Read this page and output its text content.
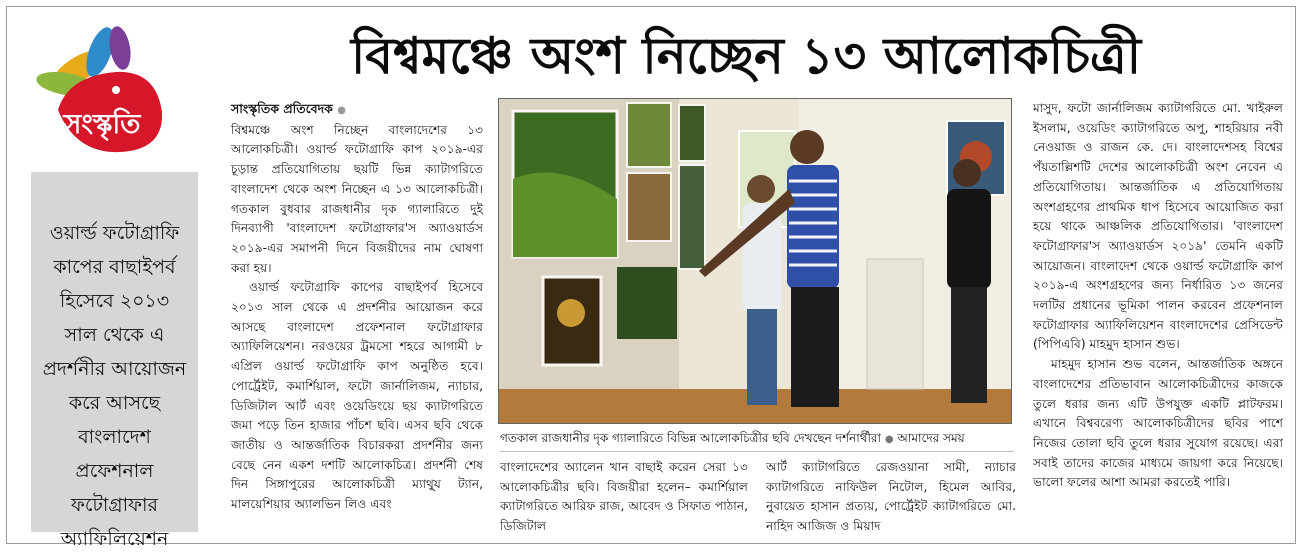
সংস্কৃতি
বিশ্বমঞ্চে অংশ নিচ্ছেন ১৩ আলোকচিত্রী
ওয়ার্ল্ড ফটোগ্রাফি কাপের বাছাইপর্ব হিসেবে ২০১৩ সাল থেকে এ প্রদর্শনীর আয়োজন করে আসছে বাংলাদেশ প্রফেশনাল ফটোগ্রাফার অ্যাফিলিয়েশন
সাংস্কৃতিক প্রতিবেদক ●

বিশ্বমঞ্চে অংশ নিচ্ছেন বাংলাদেশের ১৩ আলোকচিত্রী। ওয়ার্ল্ড ফটোগ্রাফি কাপ ২০১৯-এর চূড়ান্ত প্রতিযোগিতায় ছয়টি ভিন্ন ক্যাটাগরিতে বাংলাদেশ থেকে অংশ নিচ্ছেন এ ১৩ আলোকচিত্রী। গতকাল বুধবার রাজধানীর দৃক গ্যালারিতে দুই দিনব্যাপী 'বাংলাদেশ ফটোগ্রাফার'স অ্যাওয়ার্ডস ২০১৯-এর সমাপনী দিনে বিজয়ীদের নাম ঘোষণা করা হয়।

ওয়ার্ল্ড ফটোগ্রাফি কাপের বাছাইপর্ব হিসেবে ২০১৩ সাল থেকে এ প্রদর্শনীর আয়োজন করে আসছে বাংলাদেশ প্রফেশনাল ফটোগ্রাফার অ্যাফিলিয়েশন। নরওয়ের ট্রমসো শহরে আগামী ৮ এপ্রিল ওয়ার্ল্ড ফটোগ্রাফি কাপ অনুষ্ঠিত হবে। পোর্ট্রেইট, কমার্শিয়াল, ফটো জার্নালিজম, ন্যাচার, ডিজিটাল আর্ট এবং ওয়েডিংয়ে ছয় ক্যাটাগরিতে জমা পড়ে তিন হাজার পাঁচশ ছবি। এসব ছবি থেকে জাতীয় ও আন্তর্জাতিক বিচারকরা প্রদর্শনীর জন্য বেছে নেন একশ দশটি আলোকচিত্র। প্রদর্শনী শেষ দিন সিঙ্গাপুরের আলোকচিত্রী ম্যাথু্য ট্যান, মালয়েশিয়ার অ্যালভিন লিও এবং

গতকাল রাজধানীর দৃক গ্যালারিতে বিভিন্ন আলোকচিত্রীর ছবি দেখছেন দর্শনার্থীরা ● আমাদের সময়

বাংলাদেশের অ্যালেন খান বাছাই করেন সেরা ১৩ আলোকচিত্রীর ছবি। বিজয়ীরা হলেন– কমার্শিয়াল ক্যাটাগরিতে আরিফ রাজ, আবেদ ও সিফাত পাঠান, ডিজিটাল

আর্ট ক্যাটাগরিতে রেজওয়ানা সামী, ন্যাচার ক্যাটাগরিতে নাফিউল নিটোল, হিমেল আবির, নুবায়েত হাসান প্রত্যয়, পোর্ট্রেইট ক্যাটাগরিতে মো. নাহিদ আজিজ ও মিয়াদ

মাসুদ, ফটো জার্নালিজম ক্যাটাগরিতে মো. খাইরুল ইসলাম, ওয়েডিং ক্যাটাগরিতে অপু, শাহরিয়ার নবী নেওয়াজ ও রাজন কে. দে। বাংলাদেশসহ বিশ্বের পঁয়তাল্লিশটি দেশের আলোকচিত্রী অংশ নেবেন এ প্রতিযোগিতায়। আন্তর্জাতিক এ প্রতিযোগিতায় অংশগ্রহণের প্রাথমিক ধাপ হিসেবে আয়োজিত করা হয়ে থাকে আঞ্চলিক প্রতিযোগিতার। 'বাংলাদেশ ফটোগ্রাফার'স অ্যাওয়ার্ডস ২০১৯' তেমনি একটি আয়োজন। বাংলাদেশ থেকে ওয়ার্ল্ড ফটোগ্রাফি কাপ ২০১৯-এ অংশগ্রহণের জন্য নির্ধারিত ১৩ জনের দলটির প্রধানের ভূমিকা পালন করবেন প্রফেশনাল ফটোগ্রাফার অ্যাফিলিয়েশন বাংলাদেশের প্রেসিডেন্ট (পিপিএবি) মাহমুদ হাসান শুভ।

মাহমুদ হাসান শুভ বলেন, আন্তর্জাতিক অঙ্গনে বাংলাদেশের প্রতিভাবান আলোকচিত্রীদের কাজকে তুলে ধরার জন্য এটি উপযুক্ত একটি প্লাটফরম। এখানে বিশ্ববরেণ্য আলোকচিত্রীদের ছবির পাশে নিজের তোলা ছবি তুলে ধরার সুযোগ রয়েছে। এরা সবাই তাদের কাজের মাধ্যমে জায়গা করে নিয়েছে। ভালো ফলের আশা আমরা করতেই পারি।
